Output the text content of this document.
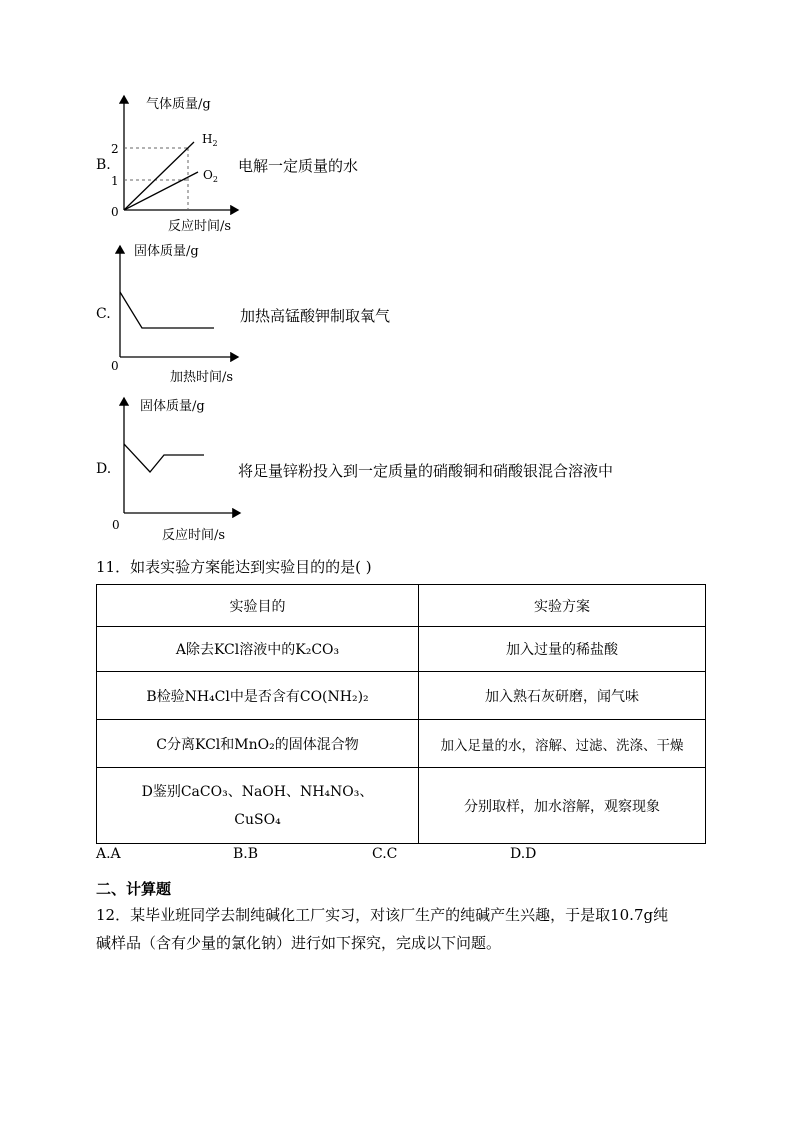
B.
气体质量/g
2
1
0
$H_2$
$O_2$
反应时间/s
电解一定质量的水
C.
固体质量/g
0
加热时间/s
加热高锰酸钾制取氧气
D.
固体质量/g
0
反应时间/s
将足量锌粉投入到一定质量的硝酸铜和硝酸银混合溶液中
11．如表实验方案能达到实验目的的是( )
实验目的	实验方案
A除去KCl溶液中的K₂CO₃	加入过量的稀盐酸
B检验NH₄Cl中是否含有CO(NH₂)₂	加入熟石灰研磨，闻气味
C分离KCl和MnO₂的固体混合物	加入足量的水，溶解、过滤、洗涤、干燥

D鉴别CaCO₃、NaOH、NH₄NO₃、
CuSO₄	分别取样，加水溶解，观察现象
A.A	B.B	C.C	D.D
二、计算题
12．某毕业班同学去制纯碱化工厂实习，对该厂生产的纯碱产生兴趣，于是取10.7g纯
碱样品（含有少量的氯化钠）进行如下探究，完成以下问题。
